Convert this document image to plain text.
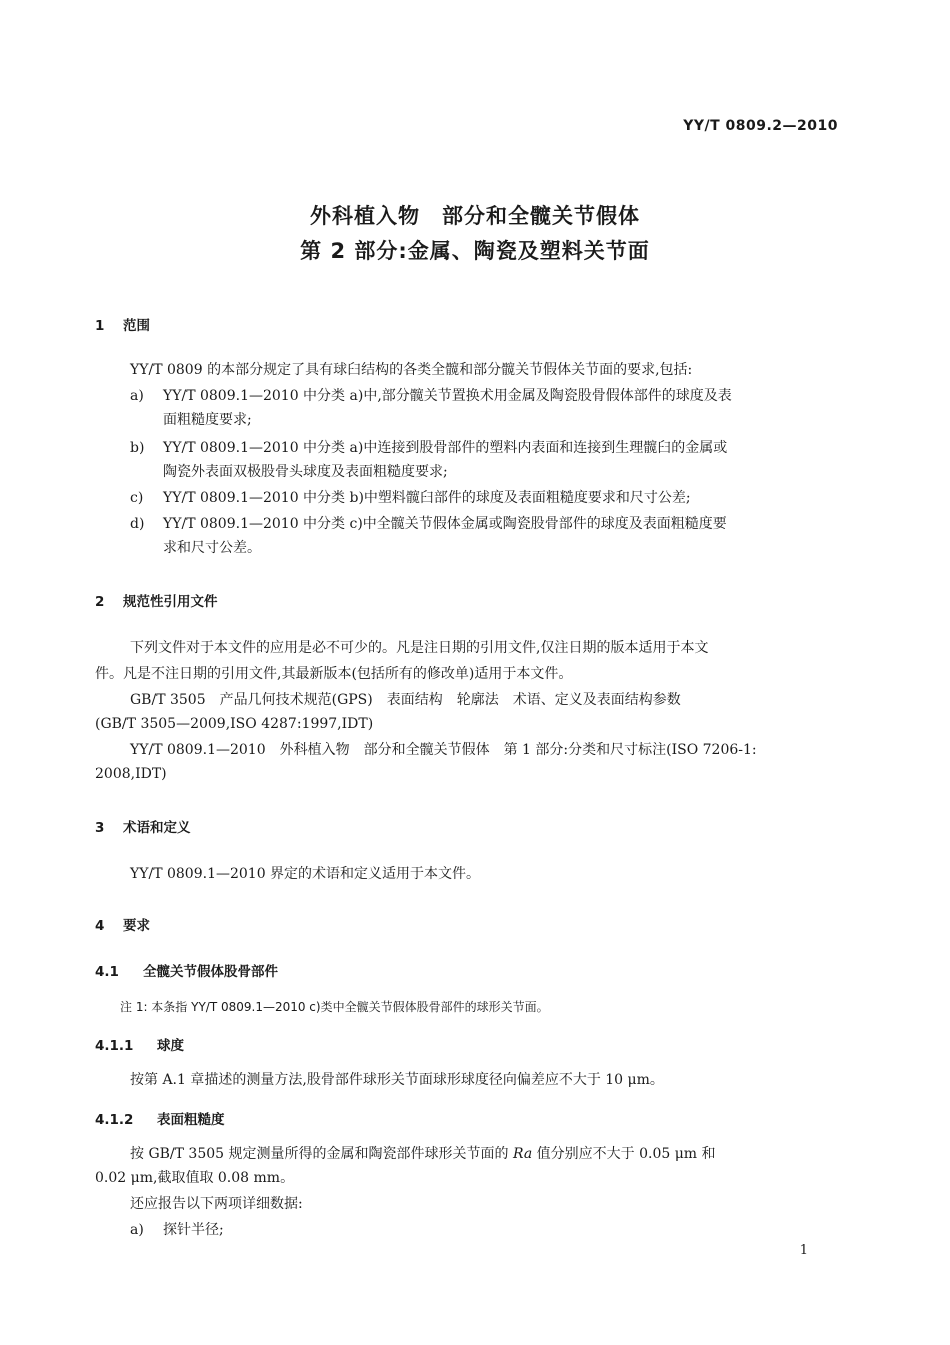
YY/T 0809.2—2010
外科植入物　部分和全髋关节假体
第 2 部分:金属、陶瓷及塑料关节面
1 范围
YY/T 0809 的本部分规定了具有球臼结构的各类全髋和部分髋关节假体关节面的要求,包括:
a)	YY/T 0809.1—2010 中分类 a)中,部分髋关节置换术用金属及陶瓷股骨假体部件的球度及表
面粗糙度要求;
b)	YY/T 0809.1—2010 中分类 a)中连接到股骨部件的塑料内表面和连接到生理髋臼的金属或
陶瓷外表面双极股骨头球度及表面粗糙度要求;
c)	YY/T 0809.1—2010 中分类 b)中塑料髋臼部件的球度及表面粗糙度要求和尺寸公差;
d)	YY/T 0809.1—2010 中分类 c)中全髋关节假体金属或陶瓷股骨部件的球度及表面粗糙度要
求和尺寸公差。
2 规范性引用文件
下列文件对于本文件的应用是必不可少的。凡是注日期的引用文件,仅注日期的版本适用于本文
件。凡是不注日期的引用文件,其最新版本(包括所有的修改单)适用于本文件。
GB/T 3505　产品几何技术规范(GPS)　表面结构　轮廓法　术语、定义及表面结构参数
(GB/T 3505—2009,ISO 4287:1997,IDT)
YY/T 0809.1—2010　外科植入物　部分和全髋关节假体　第 1 部分:分类和尺寸标注(ISO 7206-1:
2008,IDT)
3 术语和定义
YY/T 0809.1—2010 界定的术语和定义适用于本文件。
4 要求
4.1 全髋关节假体股骨部件
注 1: 本条指 YY/T 0809.1—2010 c)类中全髋关节假体股骨部件的球形关节面。
4.1.1 球度
按第 A.1 章描述的测量方法,股骨部件球形关节面球形球度径向偏差应不大于 10 μm。
4.1.2 表面粗糙度
按 GB/T 3505 规定测量所得的金属和陶瓷部件球形关节面的 Ra 值分别应不大于 0.05 μm 和
0.02 μm,截取值取 0.08 mm。
还应报告以下两项详细数据:
a)	探针半径;
1
